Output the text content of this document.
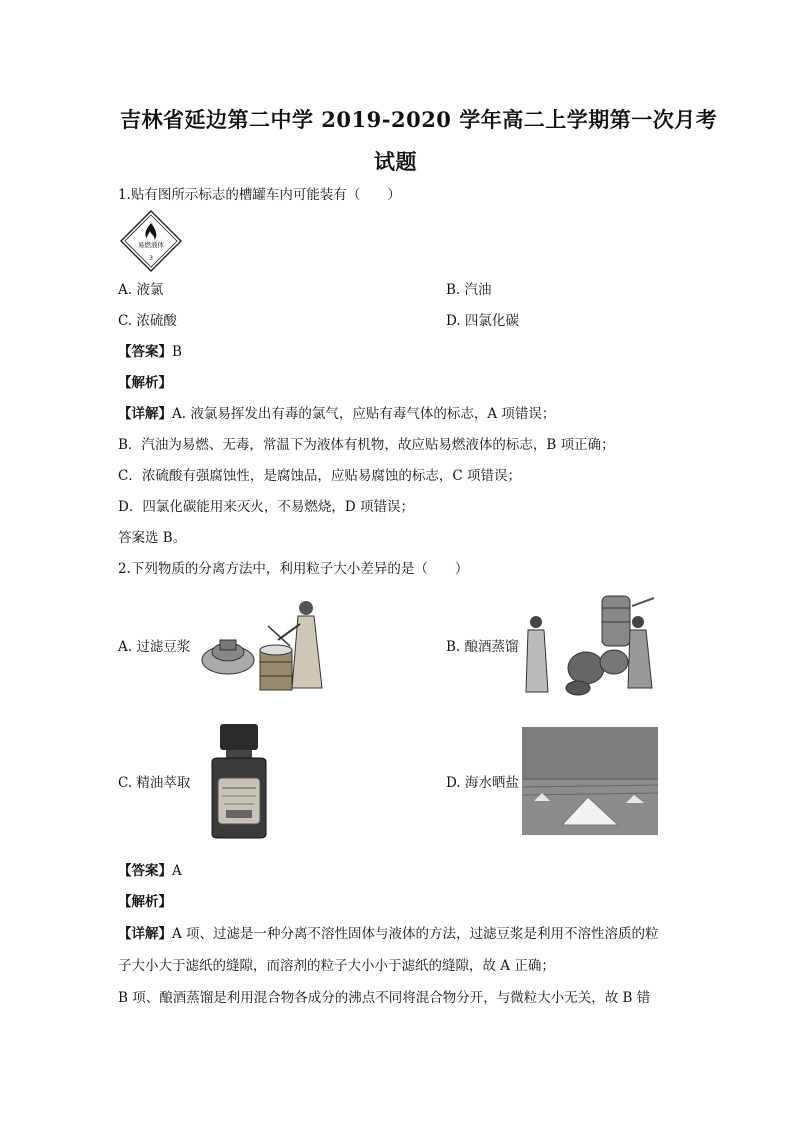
吉林省延边第二中学 2019-2020 学年高二上学期第一次月考
试题
1.贴有图所示标志的槽罐车内可能装有（　　）
易燃液体
3
A. 液氯	B. 汽油
C. 浓硫酸	D. 四氯化碳
【答案】B
【解析】
【详解】A. 液氯易挥发出有毒的氯气，应贴有毒气体的标志，A 项错误；
B．汽油为易燃、无毒，常温下为液体有机物，故应贴易燃液体的标志，B 项正确；
C．浓硫酸有强腐蚀性，是腐蚀品，应贴易腐蚀的标志，C 项错误；
D．四氯化碳能用来灭火，不易燃烧，D 项错误；
答案选 B。
2.下列物质的分离方法中，利用粒子大小差异的是（　　）
A. 过滤豆浆	B. 酿酒蒸馏
C. 精油萃取	D. 海水晒盐
【答案】A
【解析】
【详解】A 项、过滤是一种分离不溶性固体与液体的方法，过滤豆浆是利用不溶性溶质的粒
子大小大于滤纸的缝隙，而溶剂的粒子大小小于滤纸的缝隙，故 A 正确；
B 项、酿酒蒸馏是利用混合物各成分的沸点不同将混合物分开，与微粒大小无关，故 B 错
